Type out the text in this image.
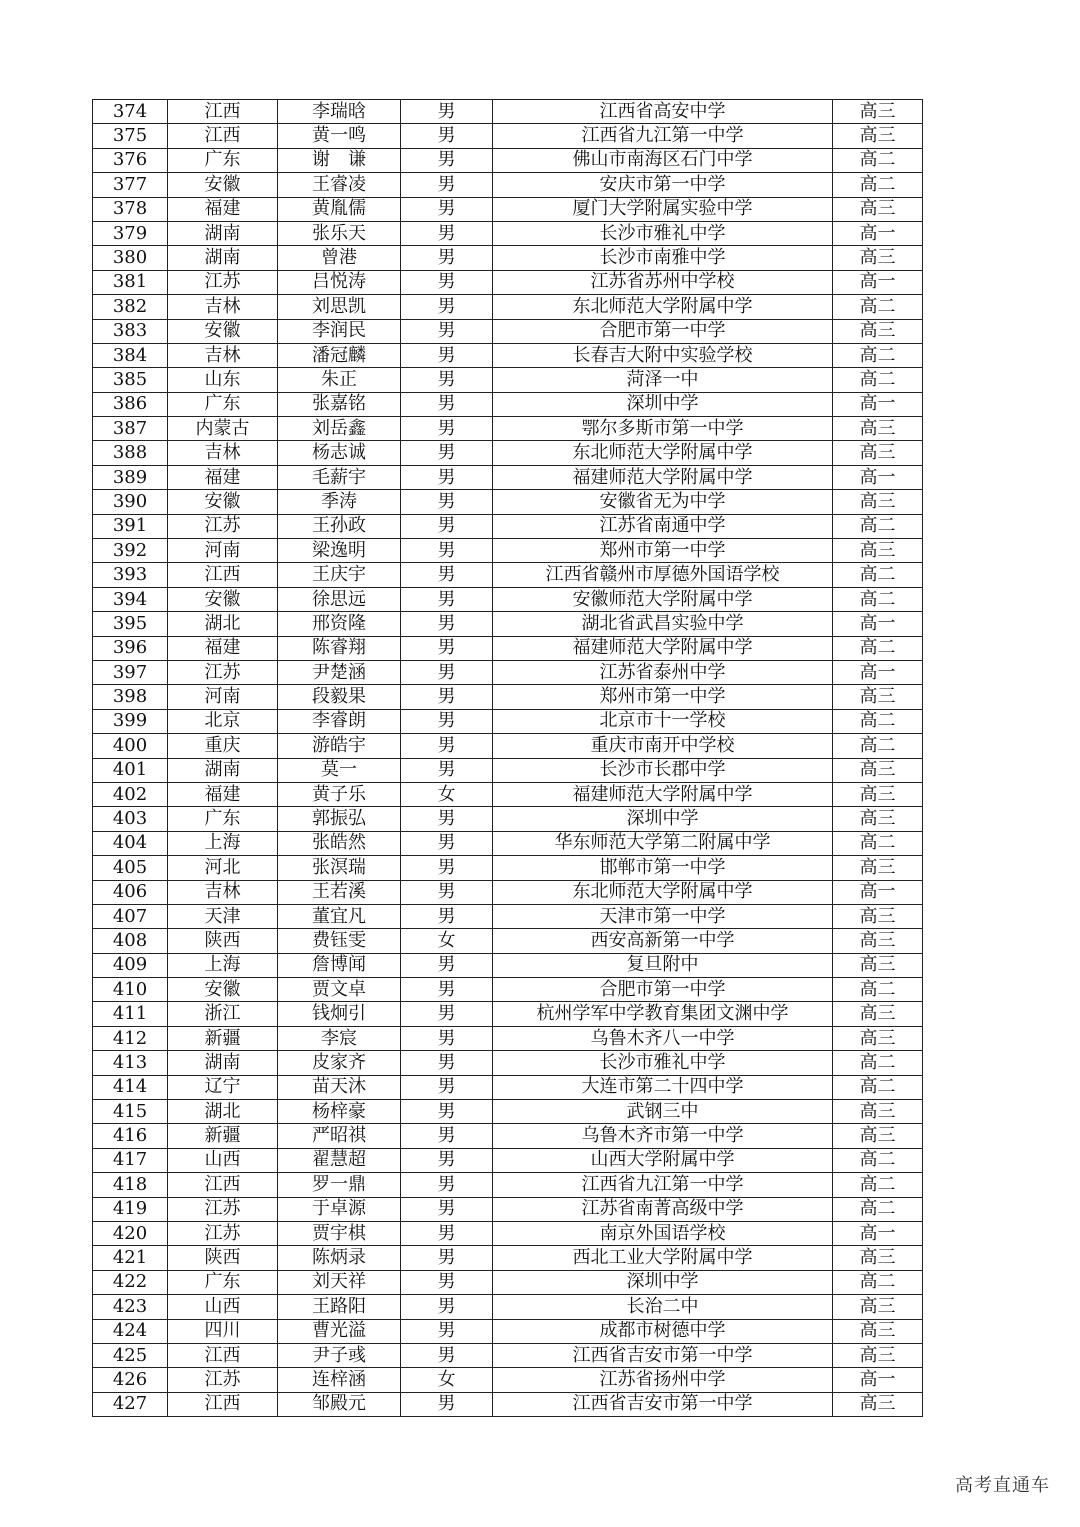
374	江西	李瑞晗	男	江西省高安中学	高三
375	江西	黄一鸣	男	江西省九江第一中学	高三
376	广东	谢　谦	男	佛山市南海区石门中学	高二
377	安徽	王睿凌	男	安庆市第一中学	高二
378	福建	黄胤儒	男	厦门大学附属实验中学	高三
379	湖南	张乐天	男	长沙市雅礼中学	高一
380	湖南	曾港	男	长沙市南雅中学	高三
381	江苏	吕悦涛	男	江苏省苏州中学校	高一
382	吉林	刘思凯	男	东北师范大学附属中学	高二
383	安徽	李润民	男	合肥市第一中学	高三
384	吉林	潘冠麟	男	长春吉大附中实验学校	高二
385	山东	朱正	男	菏泽一中	高二
386	广东	张嘉铭	男	深圳中学	高一
387	内蒙古	刘岳鑫	男	鄂尔多斯市第一中学	高三
388	吉林	杨志诚	男	东北师范大学附属中学	高三
389	福建	毛薪宇	男	福建师范大学附属中学	高一
390	安徽	季涛	男	安徽省无为中学	高三
391	江苏	王孙政	男	江苏省南通中学	高二
392	河南	梁逸明	男	郑州市第一中学	高三
393	江西	王庆宇	男	江西省赣州市厚德外国语学校	高二
394	安徽	徐思远	男	安徽师范大学附属中学	高二
395	湖北	邢资隆	男	湖北省武昌实验中学	高一
396	福建	陈睿翔	男	福建师范大学附属中学	高二
397	江苏	尹楚涵	男	江苏省泰州中学	高一
398	河南	段毅果	男	郑州市第一中学	高三
399	北京	李睿朗	男	北京市十一学校	高二
400	重庆	游皓宇	男	重庆市南开中学校	高二
401	湖南	莫一	男	长沙市长郡中学	高三
402	福建	黄子乐	女	福建师范大学附属中学	高三
403	广东	郭振弘	男	深圳中学	高三
404	上海	张皓然	男	华东师范大学第二附属中学	高二
405	河北	张溟瑞	男	邯郸市第一中学	高三
406	吉林	王若溪	男	东北师范大学附属中学	高一
407	天津	董宜凡	男	天津市第一中学	高三
408	陕西	费钰雯	女	西安高新第一中学	高三
409	上海	詹博闻	男	复旦附中	高三
410	安徽	贾文卓	男	合肥市第一中学	高二
411	浙江	钱炯引	男	杭州学军中学教育集团文渊中学	高三
412	新疆	李宸	男	乌鲁木齐八一中学	高三
413	湖南	皮家齐	男	长沙市雅礼中学	高二
414	辽宁	苗天沐	男	大连市第二十四中学	高二
415	湖北	杨梓豪	男	武钢三中	高三
416	新疆	严昭祺	男	乌鲁木齐市第一中学	高三
417	山西	翟慧超	男	山西大学附属中学	高二
418	江西	罗一鼎	男	江西省九江第一中学	高二
419	江苏	于卓源	男	江苏省南菁高级中学	高二
420	江苏	贾宇棋	男	南京外国语学校	高一
421	陕西	陈炳录	男	西北工业大学附属中学	高三
422	广东	刘天祥	男	深圳中学	高二
423	山西	王路阳	男	长治二中	高三
424	四川	曹光溢	男	成都市树德中学	高三
425	江西	尹子彧	男	江西省吉安市第一中学	高三
426	江苏	连梓涵	女	江苏省扬州中学	高一
427	江西	邹殿元	男	江西省吉安市第一中学	高三
高考直通车
